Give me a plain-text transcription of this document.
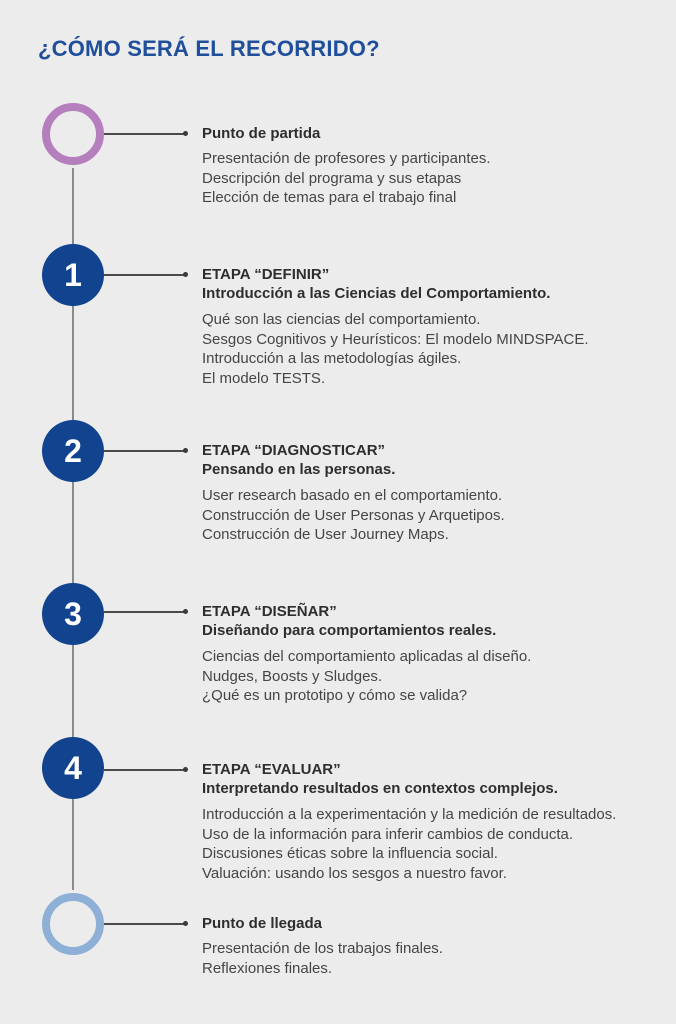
¿CÓMO SERÁ EL RECORRIDO?

Punto de partida

Presentación de profesores y participantes.
Descripción del programa y sus etapas
Elección de temas para el trabajo final
1	ETAPA “DEFINIR”

Introducción a las Ciencias del Comportamiento.

Qué son las ciencias del comportamiento.
Sesgos Cognitivos y Heurísticos: El modelo MINDSPACE.
Introducción a las metodologías ágiles.
El modelo TESTS.
2	ETAPA “DIAGNOSTICAR”

Pensando en las personas.

User research basado en el comportamiento.
Construcción de User Personas y Arquetipos.
Construcción de User Journey Maps.
3	ETAPA “DISEÑAR”

Diseñando para comportamientos reales.

Ciencias del comportamiento aplicadas al diseño.
Nudges, Boosts y Sludges.
¿Qué es un prototipo y cómo se valida?
4	ETAPA “EVALUAR”

Interpretando resultados en contextos complejos.

Introducción a la experimentación y la medición de resultados.
Uso de la información para inferir cambios de conducta.
Discusiones éticas sobre la influencia social.
Valuación: usando los sesgos a nuestro favor.

Punto de llegada

Presentación de los trabajos finales.
Reflexiones finales.
